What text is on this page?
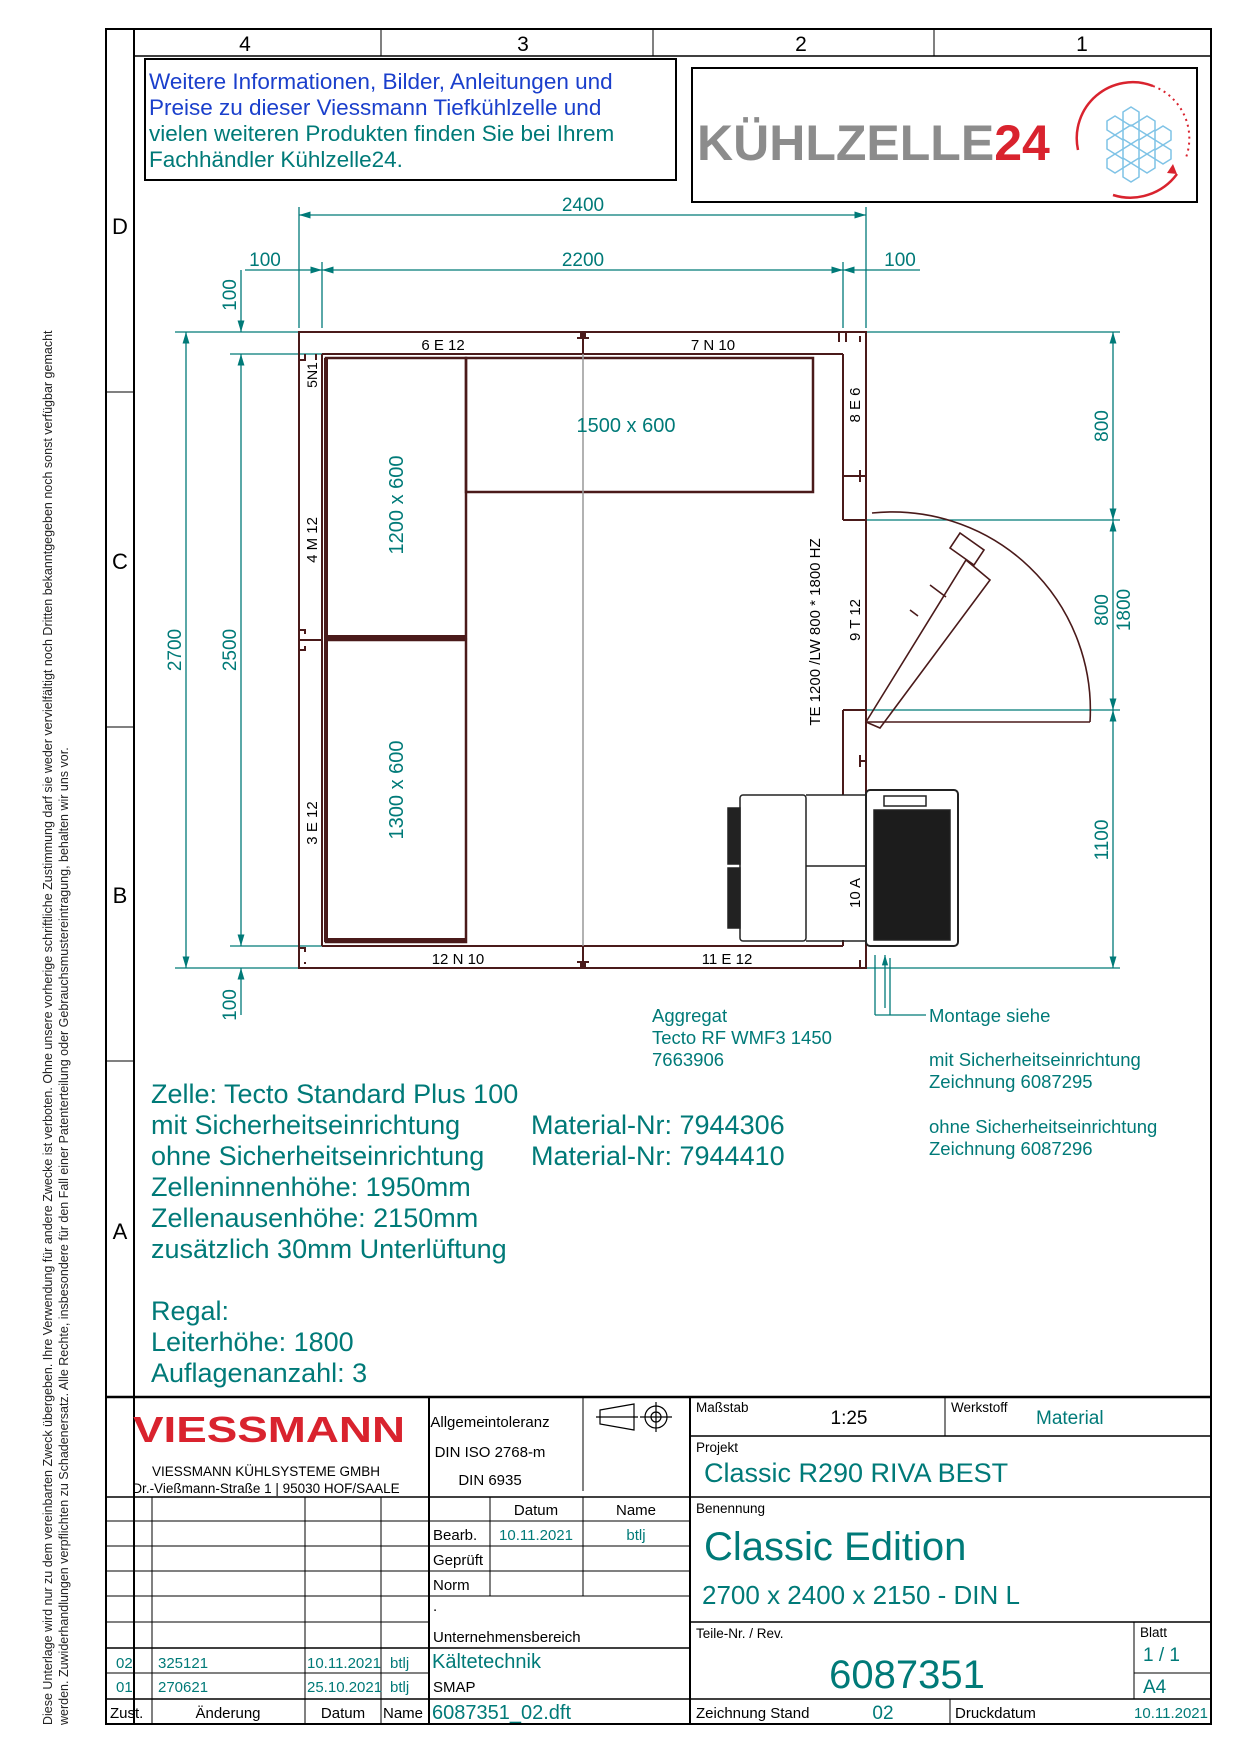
Diese Unterlage wird nur zu dem vereinbarten Zweck übergeben. Ihre Verwendung für andere Zwecke ist verboten. Ohne unsere vorherige schriftliche Zustimmung darf sie weder vervielfältigt noch Dritten bekanntgegeben noch sonst verfügbar gemacht werden. Zuwiderhandlungen verpflichten zu Schadenersatz. Alle Rechte, insbesondere für den Fall einer Patenterteilung oder Gebrauchsmustereintragung, behalten wir uns vor.
4	3	2	1
D
C
B
A
Weitere Informationen, Bilder, Anleitungen und
Preise zu dieser Viessmann Tiefkühlzelle und
vielen weiteren Produkten finden Sie bei Ihrem
Fachhändler Kühlzelle24.	KÜHLZELLE24
2400
2200
100	100
100
100
2700 2500
800
800 1800
1100
6 E 12	7 N 10
12 N 10	11 E 12
5N1
4 M 12
3 E 12
8 E 6
9 T 12
10 A
TE 1200 /LW 800 * 1800 HZ
1500 x 600
1200 x 600
1300 x 600
Aggregat
Tecto RF WMF3 1450
7663906
Montage siehe
mit Sicherheitseinrichtung
Zeichnung 6087295
ohne Sicherheitseinrichtung
Zeichnung 6087296
Zelle: Tecto Standard Plus 100
mit Sicherheitseinrichtung	Material-Nr: 7944306
ohne Sicherheitseinrichtung Material-Nr: 7944410
Zelleninnenhöhe: 1950mm
Zellenausenhöhe: 2150mm
zusätzlich 30mm Unterlüftung
Regal:
Leiterhöhe: 1800
Auflagenanzahl: 3
VIESSMANN
VIESSMANN KÜHLSYSTEME GMBH
Dr.-Vießmann-Straße 1 | 95030 HOF/SAALE
Allgemeintoleranz
DIN ISO 2768-m
DIN 6935
Maßstab
1:25
Werkstoff
Material
Projekt
Classic R290 RIVA BEST
Benennung
Classic Edition
2700 x 2400 x 2150 - DIN L
Datum	Name
Bearb. 10.11.2021	btlj
Geprüft
Norm
.
Unternehmensbereich
Kältetechnik
SMAP
6087351_02.dft
Teile-Nr. / Rev.
6087351
Blatt
1 / 1
A4
Zeichnung Stand	02	Druckdatum	10.11.2021
02 325121	10.11.2021 btlj
01 270621	25.10.2021 btlj
Zust.	Änderung	Datum Name
